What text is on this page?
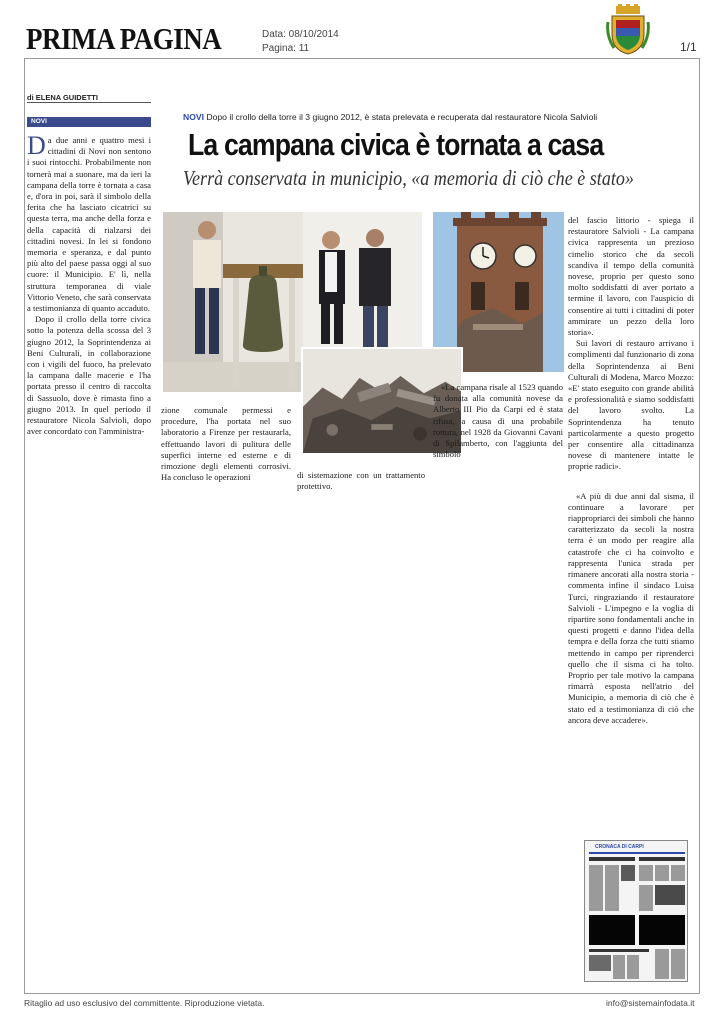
PRIMA PAGINA	Data: 08/10/2014
Pagina: 11	1/1
di ELENA GUIDETTI
NOVI	NOVI Dopo il crollo della torre il 3 giugno 2012, è stata prelevata e recuperata dal restauratore Nicola Salvioli
La campana civica è tornata a casa
Verrà conservata in municipio, «a memoria di ciò che è stato»

Da due anni e quattro mesi i cittadini di Novi non sentono i suoi rintocchi. Probabilmente non tornerà mai a suonare, ma da ieri la campana della torre è tornata a casa e, d'ora in poi, sarà il simbolo della ferita che ha lasciato cicatrici su questa terra, ma anche della forza e della capacità di rialzarsi dei cittadini novesi. In lei si fondono memoria e speranza, e dal punto più alto del paese passa oggi al suo cuore: il Municipio. E' lì, nella struttura temporanea di viale Vittorio Veneto, che sarà conservata a testimonianza di quanto accaduto.

Dopo il crollo della torre civica sotto la potenza della scossa del 3 giugno 2012, la Soprintendenza ai Beni Culturali, in collaborazione con i vigili del fuoco, ha prelevato la campana dalle macerie e l'ha portata presso il centro di raccolta di Sassuolo, dove è rimasta fino a giugno 2013. In quel periodo il restauratore Nicola Salvioli, dopo aver concordato con l'amministra-

zione comunale permessi e procedure, l'ha portata nel suo laboratorio a Firenze per restaurarla, effettuando lavori di pulitura delle superfici interne ed esterne e di rimozione degli elementi corrosivi. Ha concluso le operazioni	di sistemazione con un trattamento protettivo.

«La campana risale al 1523 quando fu donata alla comunità novese da Alberto III Pio da Carpi ed è stata rifusa, a causa di una probabile rottura, nel 1928 da Giovanni Cavani di Spilamberto, con l'aggiunta del simbolo

del fascio littorio - spiega il restauratore Salvioli - La campana civica rappresenta un prezioso cimelio storico che da secoli scandiva il tempo della comunità novese, proprio per questo sono molto soddisfatti di aver portato a termine il lavoro, con l'auspicio di consentire ai tutti i cittadini di poter ammirare un pezzo della loro storia».

Sui lavori di restauro arrivano i complimenti dal funzionario di zona della Soprintendenza ai Beni Culturali di Modena, Marco Mozzo: «E' stato eseguito con grande abilità e professionalità e siamo soddisfatti del lavoro svolto. La Soprintendenza ha tenuto particolarmente a questo progetto per consentire alla cittadinanza novese di mantenere intatte le proprie radici».

«A più di due anni dal sisma, il continuare a lavorare per riappropriarci dei simboli che hanno caratterizzato da secoli la nostra terra è un modo per reagire alla catastrofe che ci ha coinvolto e rappresenta l'unica strada per rimanere ancorati alla nostra storia - commenta infine il sindaco Luisa Turci, ringraziando il restauratore Salvioli - L'impegno e la voglia di ripartire sono fondamentali anche in questi progetti e danno l'idea della tempra e della forza che tutti stiamo mettendo in campo per riprenderci quello che il sisma ci ha tolto. Proprio per tale motivo la campana rimarrà esposta nell'atrio del Municipio, a memoria di ciò che è stato ed a testimonianza di ciò che ancora deve accadere».

CRONACA DI CARPI
Ritaglio ad uso esclusivo del committente. Riproduzione vietata.	info@sistemainfodata.it
